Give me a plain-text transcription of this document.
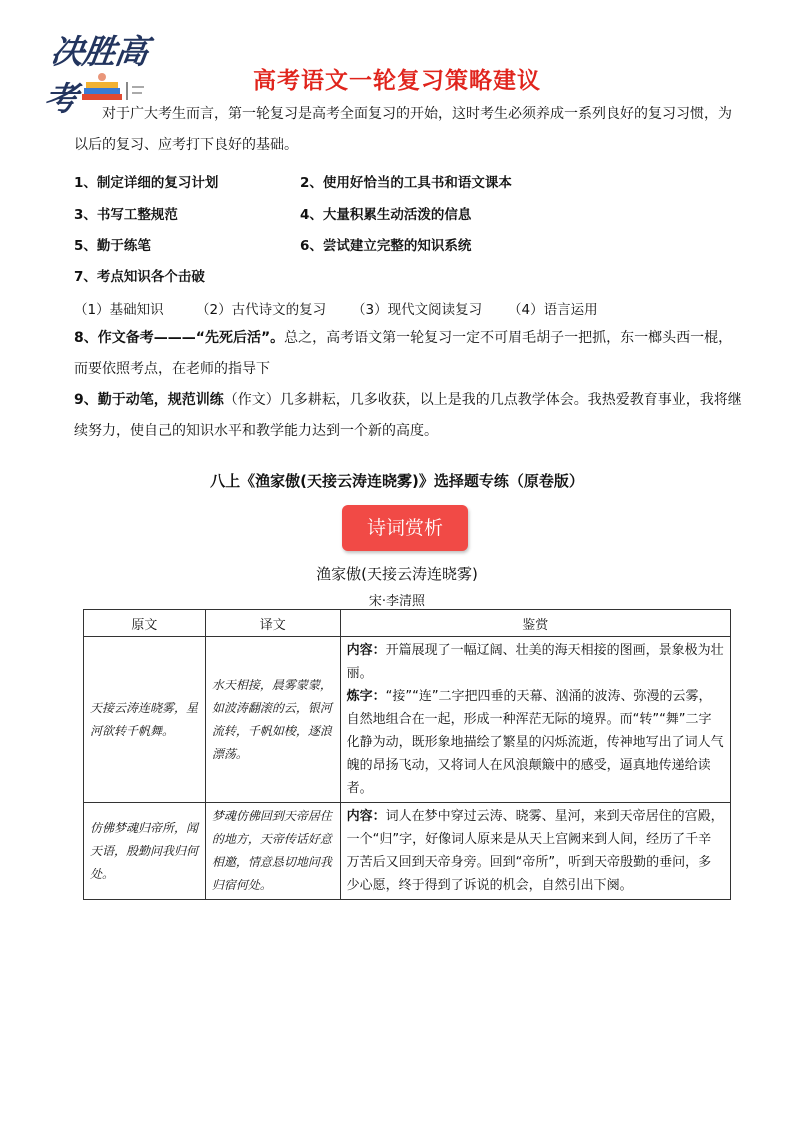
决胜高考	高考语文一轮复习策略建议
对于广大考生而言，第一轮复习是高考全面复习的开始，这时考生必须养成一系列良好的复习习惯，为以后的复习、应考打下良好的基础。
1、制定详细的复习计划	2、使用好恰当的工具书和语文课本
3、书写工整规范	4、大量积累生动活泼的信息
5、勤于练笔	6、尝试建立完整的知识系统
7、考点知识各个击破
（1）基础知识 （2）古代诗文的复习 （3）现代文阅读复习 （4）语言运用
8、作文备考———“先死后活”。总之，高考语文第一轮复习一定不可眉毛胡子一把抓，东一榔头西一棍，而要依照考点，在老师的指导下
9、勤于动笔，规范训练（作文）几多耕耘，几多收获，以上是我的几点教学体会。我热爱教育事业，我将继续努力，使自己的知识水平和教学能力达到一个新的高度。
八上《渔家傲(天接云涛连晓雾)》选择题专练（原卷版）
诗词赏析
渔家傲(天接云涛连晓雾)
宋·李清照
原文	译文	鉴赏
天接云涛连晓雾，星河欲转千帆舞。	水天相接，晨雾蒙蒙，如波涛翻滚的云，银河流转，千帆如梭，逐浪漂荡。	内容：开篇展现了一幅辽阔、壮美的海天相接的图画，景象极为壮丽。
炼字：“接”“连”二字把四垂的天幕、汹涌的波涛、弥漫的云雾，自然地组合在一起，形成一种浑茫无际的境界。而“转”“舞”二字化静为动，既形象地描绘了繁星的闪烁流逝，传神地写出了词人气魄的昂扬飞动，又将词人在风浪颠簸中的感受，逼真地传递给读者。

仿佛梦魂归帝所，闻天语，殷勤问我归何处。	梦魂仿佛回到天帝居住的地方，天帝传话好意相邀，情意恳切地问我归宿何处。	内容：词人在梦中穿过云涛、晓雾、星河，来到天帝居住的宫殿，一个“归”字，好像词人原来是从天上宫阙来到人间，经历了千辛万苦后又回到天帝身旁。回到“帝所”，听到天帝殷勤的垂问，多少心愿，终于得到了诉说的机会，自然引出下阕。
